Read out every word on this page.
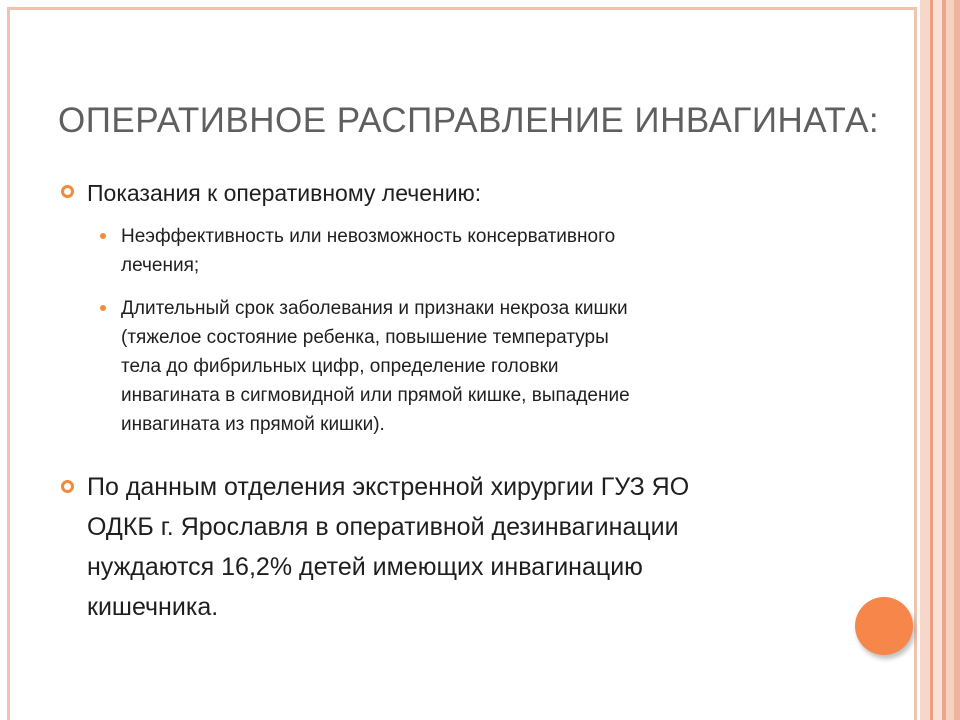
ОПЕРАТИВНОЕ РАСПРАВЛЕНИЕ ИНВАГИНАТА:
Показания к оперативному лечению:
Неэффективность или невозможность консервативного
лечения;
Длительный срок заболевания и признаки некроза кишки
(тяжелое состояние ребенка, повышение температуры
тела до фибрильных цифр, определение головки
инвагината в сигмовидной или прямой кишке, выпадение
инвагината из прямой кишки).
По данным отделения экстренной хирургии ГУЗ ЯО
ОДКБ г. Ярославля в оперативной дезинвагинации
нуждаются 16,2% детей имеющих инвагинацию
кишечника.
